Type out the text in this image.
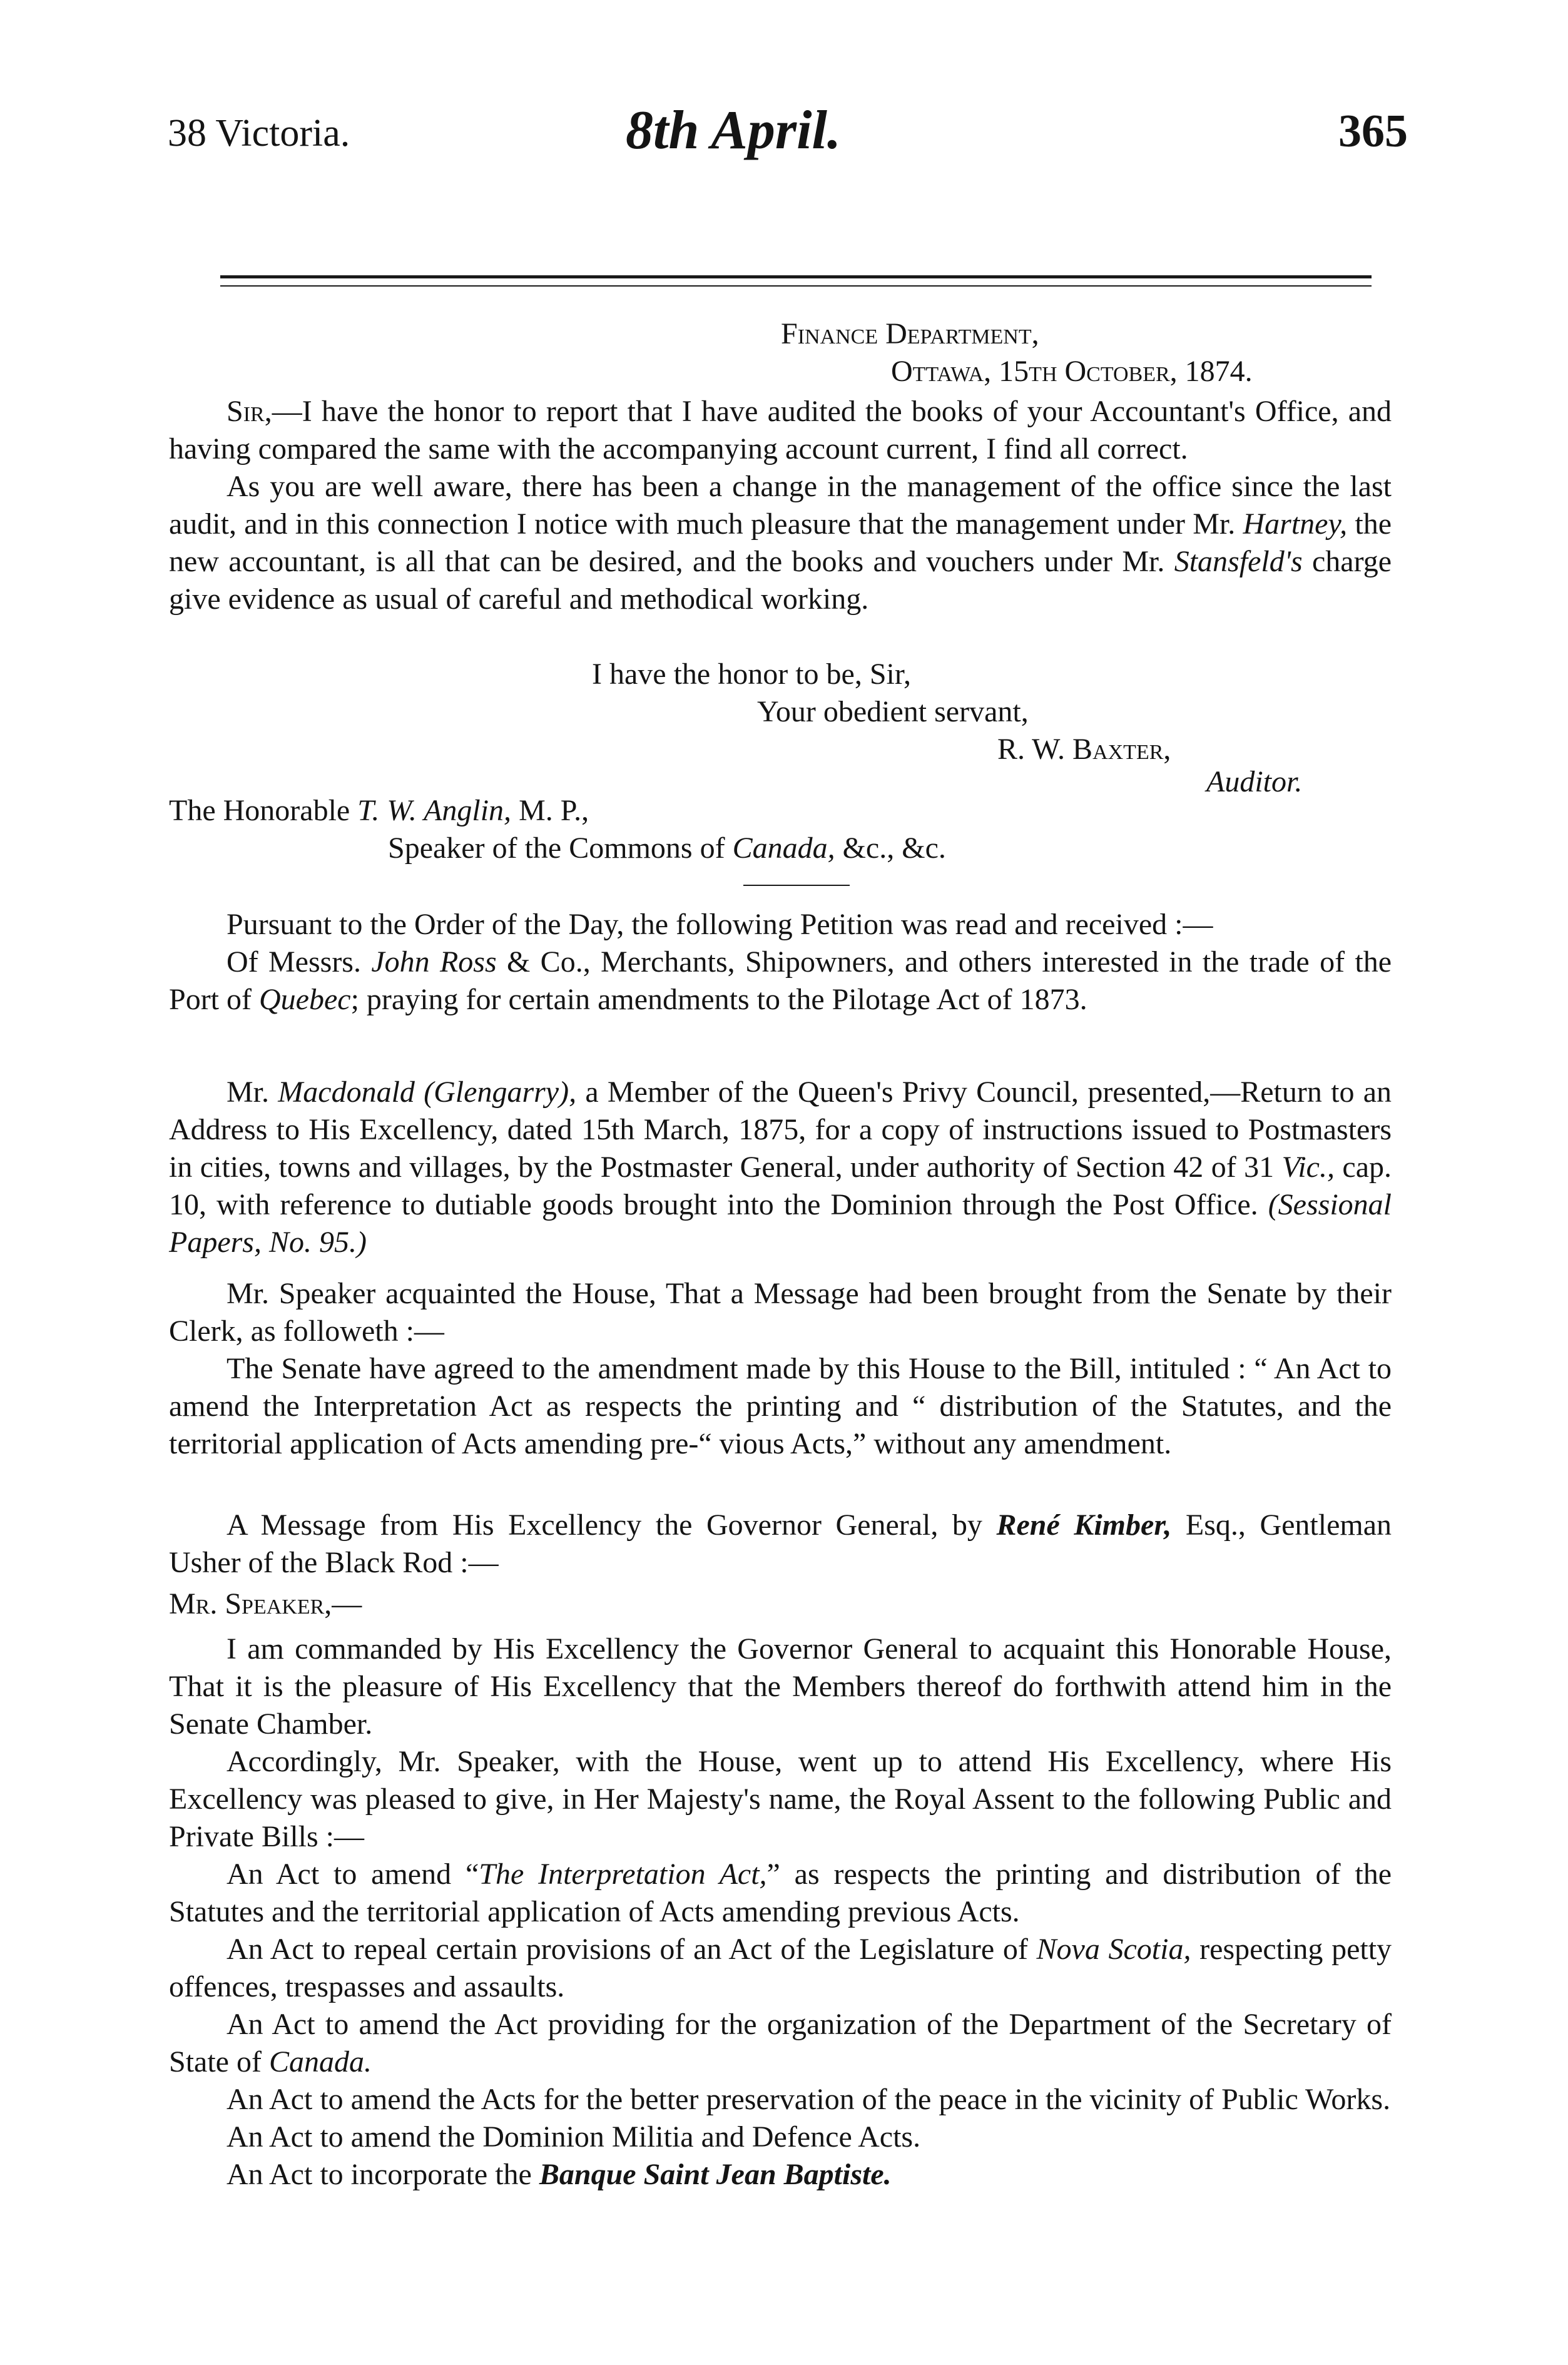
38 Victoria.	8th April.	365
Finance Department,
Ottawa, 15th October, 1874.

Sir,—I have the honor to report that I have audited the books of your Accountant's Office, and having compared the same with the accompanying account current, I find all correct.

As you are well aware, there has been a change in the management of the office since the last audit, and in this connection I notice with much pleasure that the management under Mr. Hartney, the new accountant, is all that can be desired, and the books and vouchers under Mr. Stansfeld's charge give evidence as usual of careful and methodical working.

I have the honor to be, Sir,
Your obedient servant,
R. W. Baxter,
Auditor.
The Honorable T. W. Anglin, M. P.,
Speaker of the Commons of Canada, &c., &c.

Pursuant to the Order of the Day, the following Petition was read and received :—

Of Messrs. John Ross & Co., Merchants, Shipowners, and others interested in the trade of the Port of Quebec; praying for certain amendments to the Pilotage Act of 1873.

Mr. Macdonald (Glengarry), a Member of the Queen's Privy Council, presented,—Return to an Address to His Excellency, dated 15th March, 1875, for a copy of instructions issued to Postmasters in cities, towns and villages, by the Postmaster General, under authority of Section 42 of 31 Vic., cap. 10, with reference to dutiable goods brought into the Dominion through the Post Office. (Sessional Papers, No. 95.)

Mr. Speaker acquainted the House, That a Message had been brought from the Senate by their Clerk, as followeth :—

The Senate have agreed to the amendment made by this House to the Bill, intituled : “ An Act to amend the Interpretation Act as respects the printing and “ distribution of the Statutes, and the territorial application of Acts amending pre-“ vious Acts,” without any amendment.

A Message from His Excellency the Governor General, by René Kimber, Esq., Gentleman Usher of the Black Rod :—

Mr. Speaker,—

I am commanded by His Excellency the Governor General to acquaint this Honorable House, That it is the pleasure of His Excellency that the Members thereof do forthwith attend him in the Senate Chamber.

Accordingly, Mr. Speaker, with the House, went up to attend His Excellency, where His Excellency was pleased to give, in Her Majesty's name, the Royal Assent to the following Public and Private Bills :—

An Act to amend “The Interpretation Act,” as respects the printing and distribution of the Statutes and the territorial application of Acts amending previous Acts.

An Act to repeal certain provisions of an Act of the Legislature of Nova Scotia, respecting petty offences, trespasses and assaults.

An Act to amend the Act providing for the organization of the Department of the Secretary of State of Canada.

An Act to amend the Acts for the better preservation of the peace in the vicinity of Public Works.

An Act to amend the Dominion Militia and Defence Acts.

An Act to incorporate the Banque Saint Jean Baptiste.
